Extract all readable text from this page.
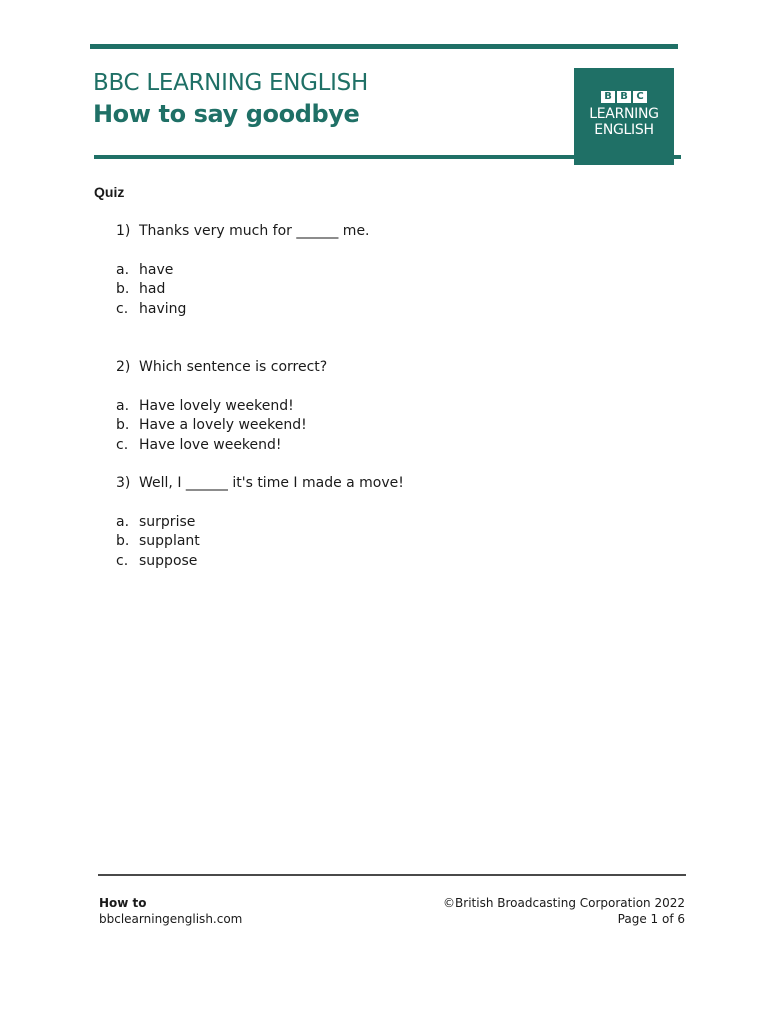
BBC LEARNING ENGLISH
How to say goodbye
B B C
LEARNING
ENGLISH
Quiz
1) Thanks very much for ______ me.
a. have
b. had
c. having
2) Which sentence is correct?
a. Have lovely weekend!
b. Have a lovely weekend!
c. Have love weekend!
3) Well, I ______ it's time I made a move!
a. surprise
b. supplant
c. suppose
How to
bbclearningenglish.com
©British Broadcasting Corporation 2022
Page 1 of 6
